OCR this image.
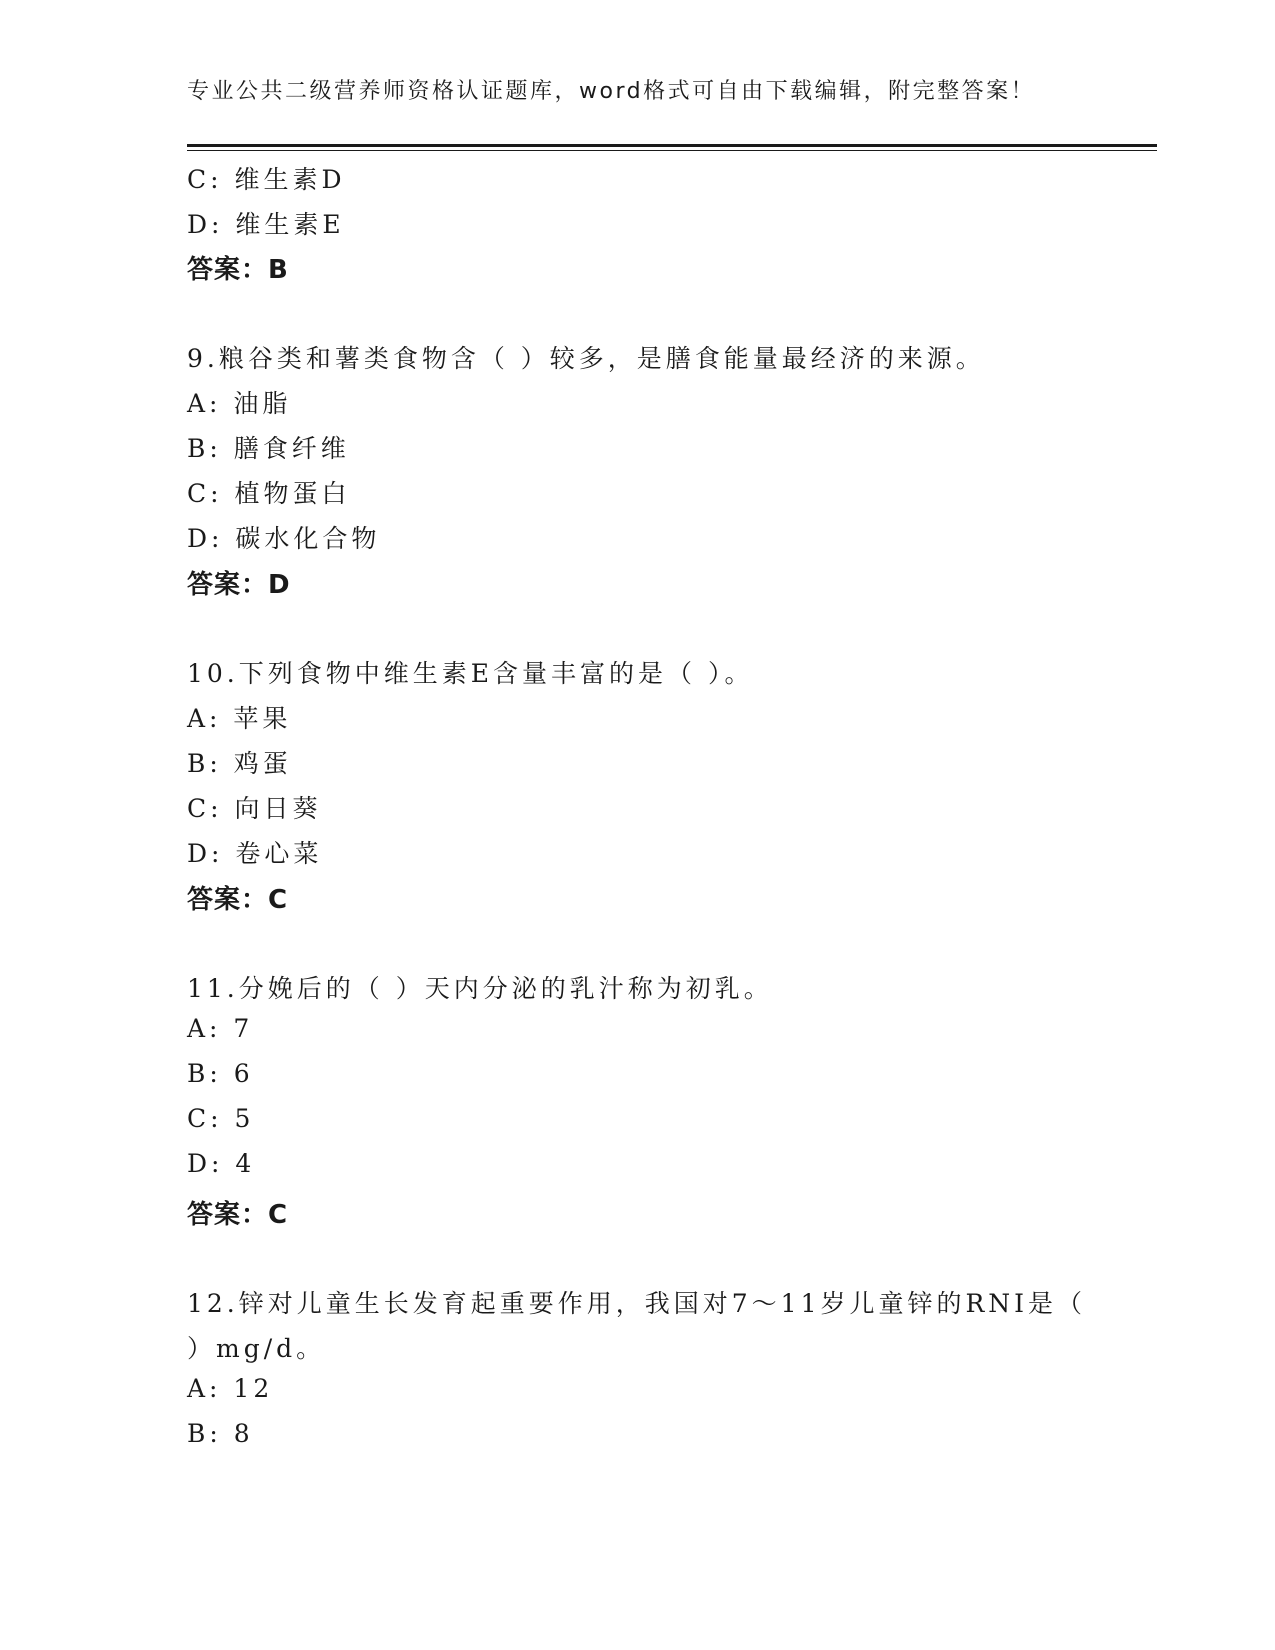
专业公共二级营养师资格认证题库，word格式可自由下载编辑，附完整答案！
C: 维生素D
D: 维生素E
答案：B
9.粮谷类和薯类食物含（ ）较多，是膳食能量最经济的来源。
A: 油脂
B: 膳食纤维
C: 植物蛋白
D: 碳水化合物
答案：D
10.下列食物中维生素E含量丰富的是（ ）。
A: 苹果
B: 鸡蛋
C: 向日葵
D: 卷心菜
答案：C
11.分娩后的（ ）天内分泌的乳汁称为初乳。
A: 7
B: 6
C: 5
D: 4
答案：C
12.锌对儿童生长发育起重要作用，我国对7～11岁儿童锌的RNI是（
）mg/d。
A: 12
B: 8
